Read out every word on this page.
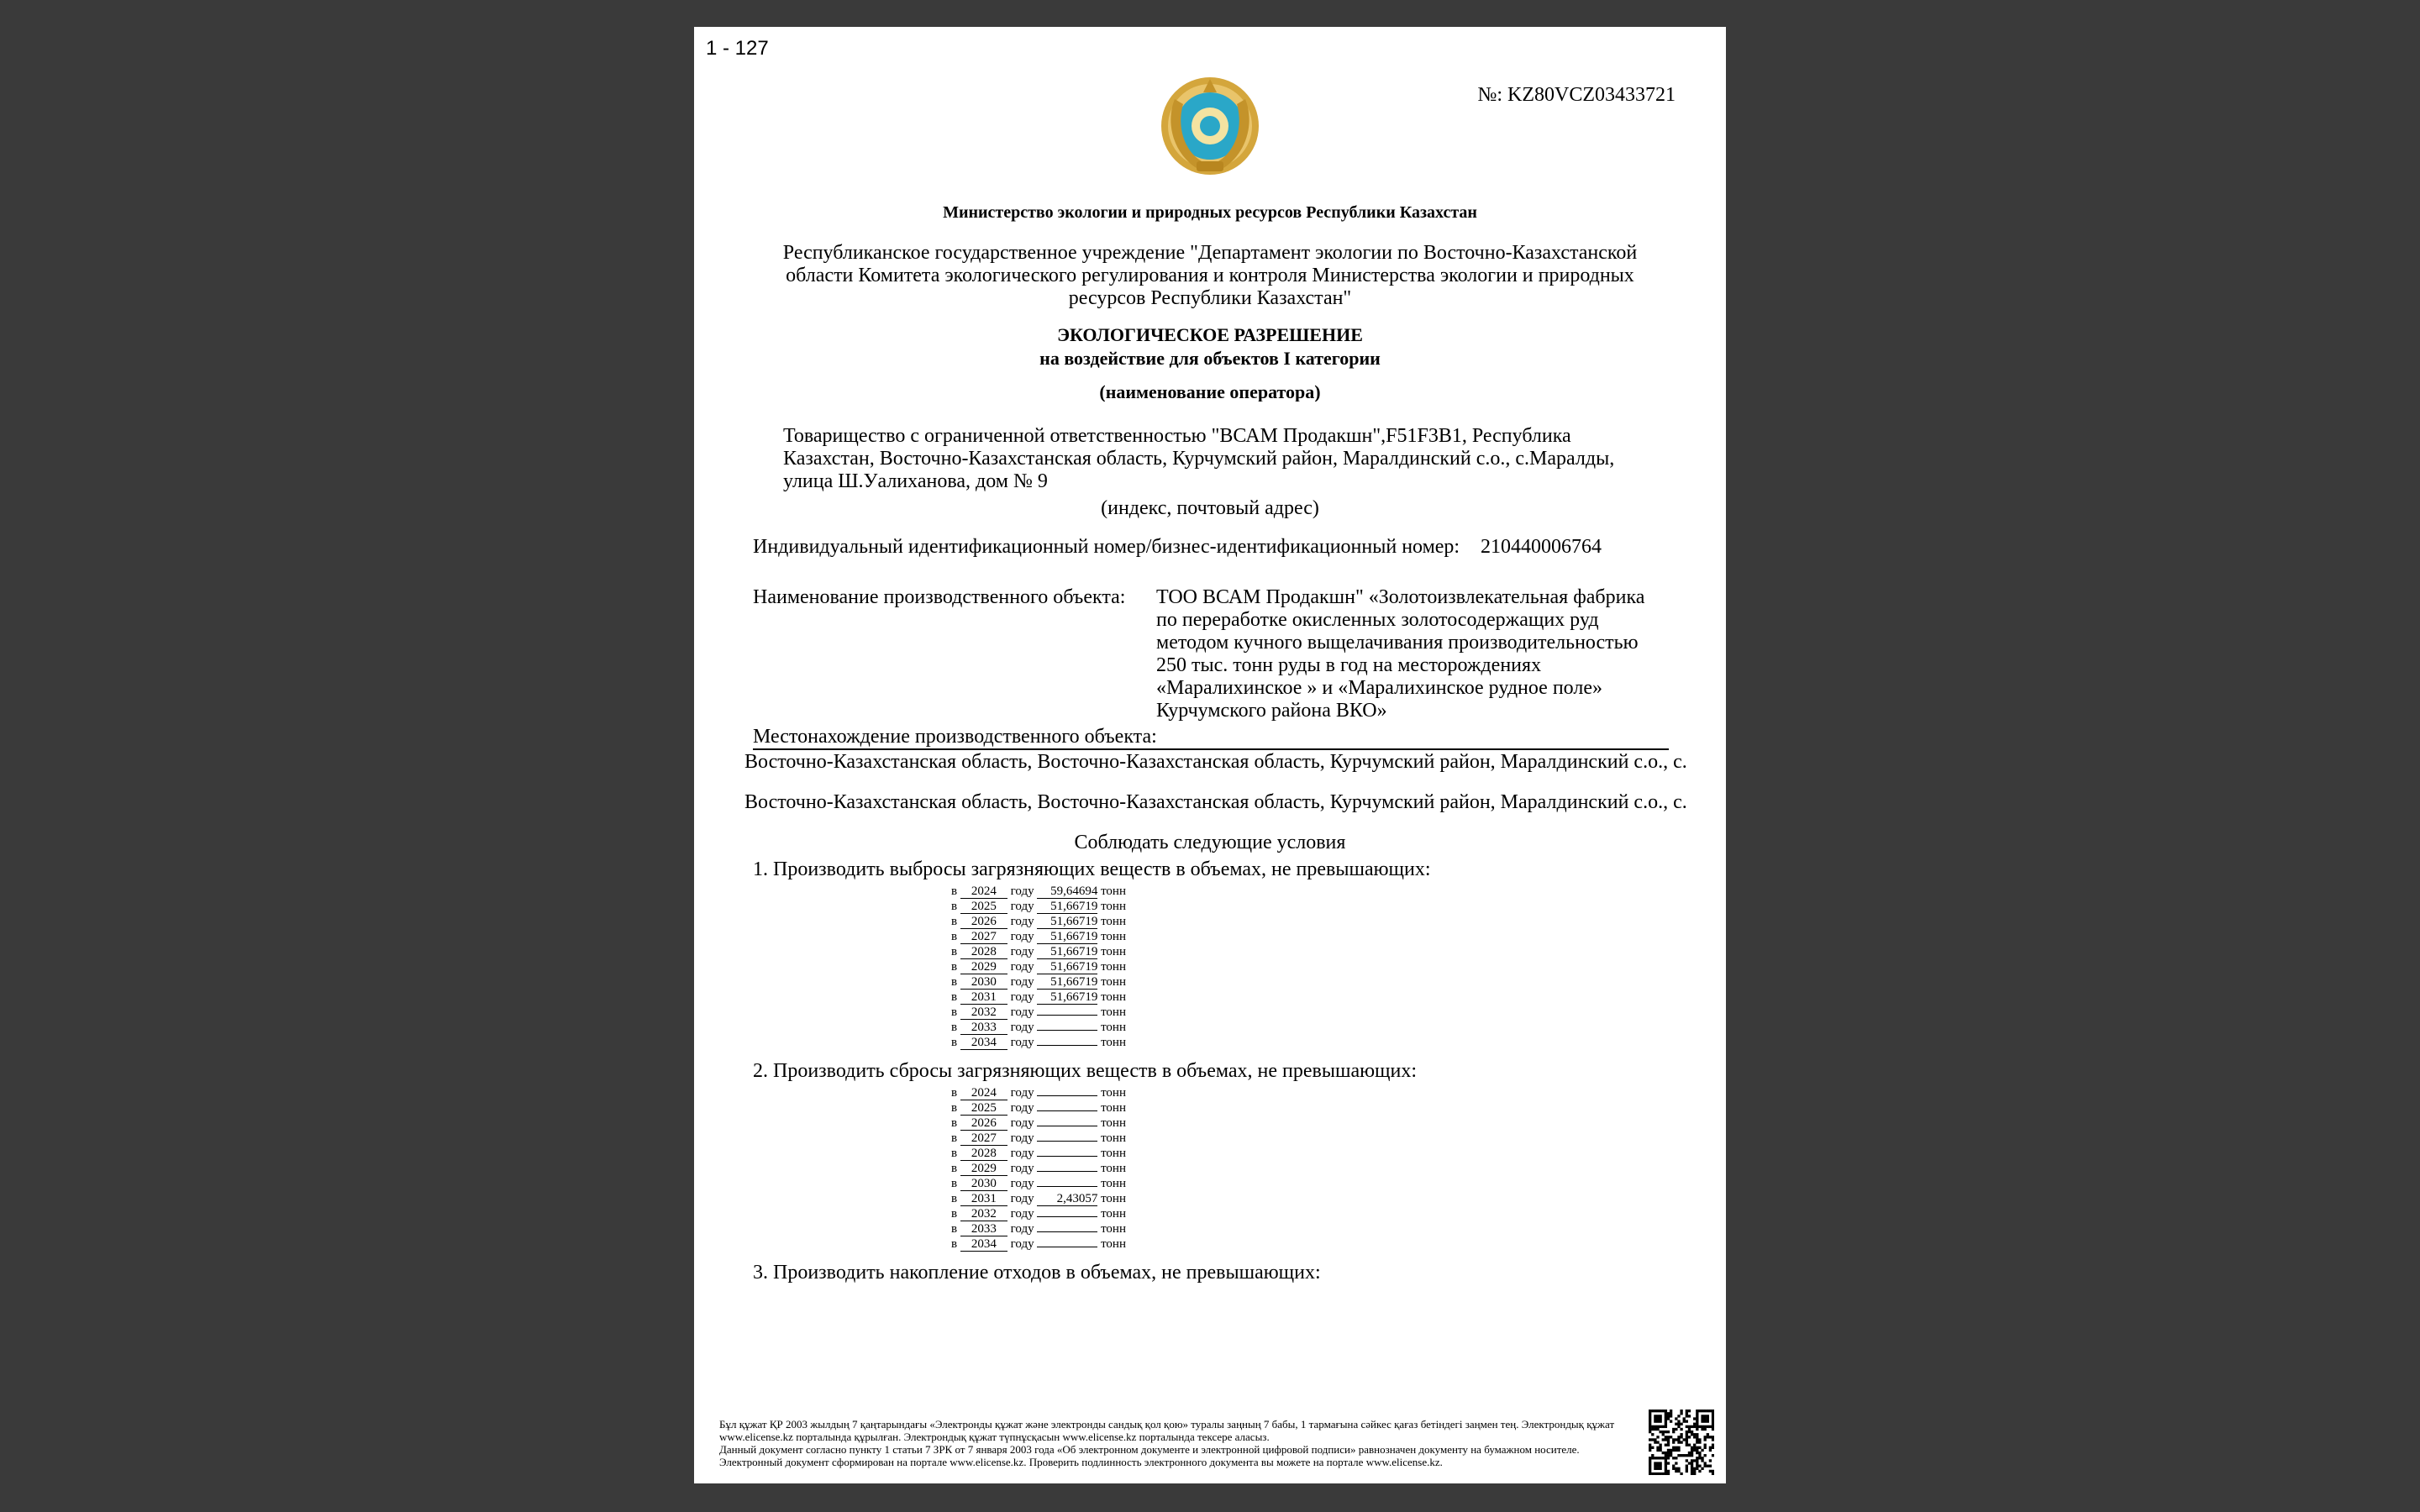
1 - 127
№: KZ80VCZ03433721
Министерство экологии и природных ресурсов Республики Казахстан
Республиканское государственное учреждение "Департамент экологии по Восточно-Казахстанской области Комитета экологического регулирования и контроля Министерства экологии и природных ресурсов Республики Казахстан"
ЭКОЛОГИЧЕСКОЕ РАЗРЕШЕНИЕ
на воздействие для объектов I категории
(наименование оператора)
Товарищество с ограниченной ответственностью "ВСАМ Продакшн",F51F3B1, Республика Казахстан, Восточно-Казахстанская область, Курчумский район, Маралдинский с.о., с.Маралды, улица Ш.Уалиханова, дом № 9
(индекс, почтовый адрес)
Индивидуальный идентификационный номер/бизнес-идентификационный номер: 210440006764
Наименование производственного объекта: ТОО ВСАМ Продакшн" «Золотоизвлекательная фабрика по переработке окисленных золотосодержащих руд методом кучного выщелачивания производительностью 250 тыс. тонн руды в год на месторождениях «Маралихинское » и «Маралихинское рудное поле» Курчумского района ВКО»
Местонахождение производственного объекта:
Восточно-Казахстанская область, Восточно-Казахстанская область, Курчумский район, Маралдинский с.о., с.
Восточно-Казахстанская область, Восточно-Казахстанская область, Курчумский район, Маралдинский с.о., с.
Соблюдать следующие условия
1. Производить выбросы загрязняющих веществ в объемах, не превышающих:
в 2024 году 59,64694 тонн
в 2025 году 51,66719 тонн
в 2026 году 51,66719 тонн
в 2027 году 51,66719 тонн
в 2028 году 51,66719 тонн
в 2029 году 51,66719 тонн
в 2030 году 51,66719 тонн
в 2031 году 51,66719 тонн
в 2032 году	тонн
в 2033 году	тонн
в 2034 году	тонн
2. Производить сбросы загрязняющих веществ в объемах, не превышающих:
в 2024 году	тонн
в 2025 году	тонн
в 2026 году	тонн
в 2027 году	тонн
в 2028 году	тонн
в 2029 году	тонн
в 2030 году	тонн
в 2031 году 2,43057 тонн
в 2032 году	тонн
в 2033 году	тонн
в 2034 году	тонн
3. Производить накопление отходов в объемах, не превышающих:
Бұл құжат ҚР 2003 жылдың 7 қаңтарындағы «Электронды құжат және электронды сандық қол қою» туралы заңның 7 бабы, 1 тармағына сәйкес қағаз бетіндегі заңмен тең. Электрондық құжат www.elicense.kz порталында құрылған. Электрондық құжат түпнұсқасын www.elicense.kz порталында тексере аласыз.
Данный документ согласно пункту 1 статьи 7 ЗРК от 7 января 2003 года «Об электронном документе и электронной цифровой подписи» равнозначен документу на бумажном носителе. Электронный документ сформирован на портале www.elicense.kz. Проверить подлинность электронного документа вы можете на портале www.elicense.kz.
